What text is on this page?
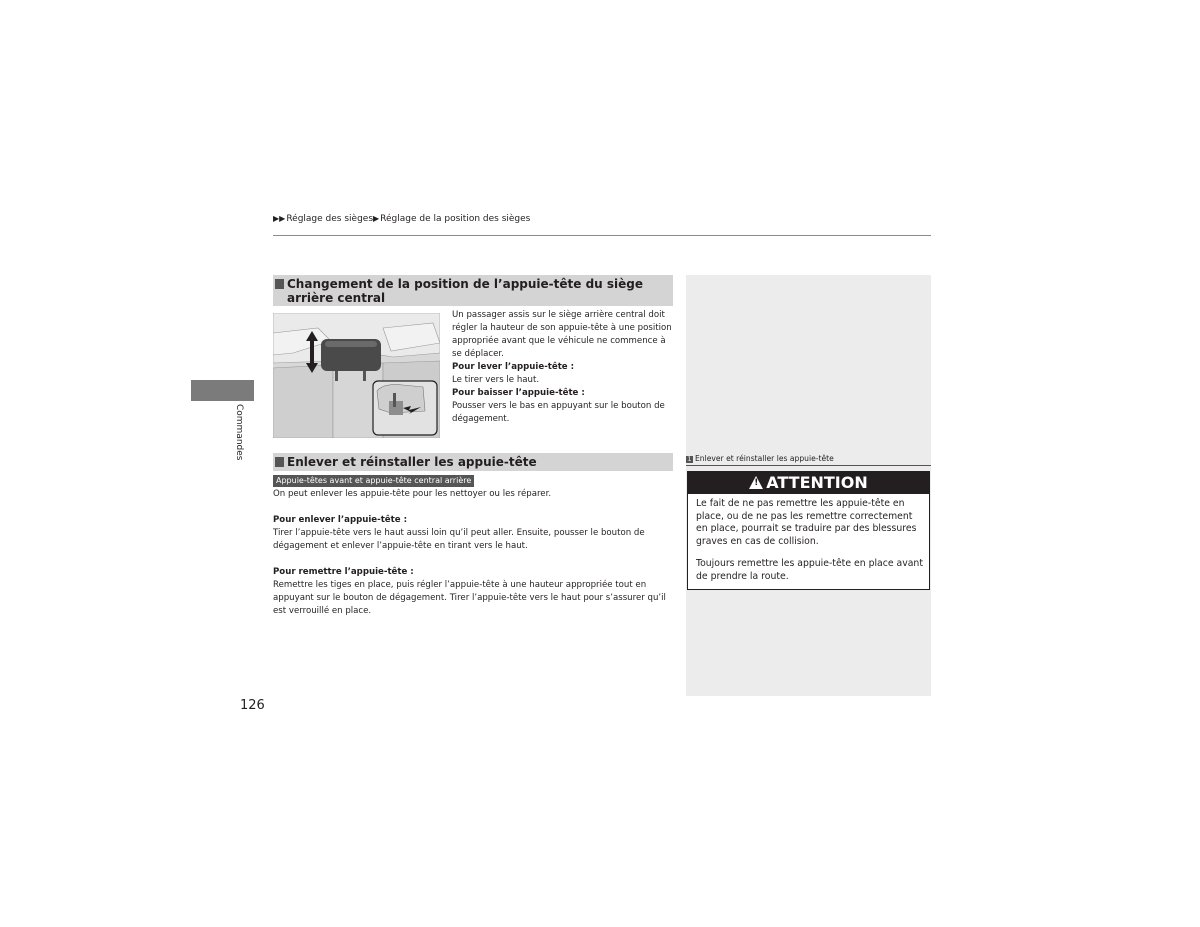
▶▶Réglage des sièges▶Réglage de la position des sièges
Commandes
126
Changement de la position de l’appuie-tête du siège arrière central
Un passager assis sur le siège arrière central doit régler la hauteur de son appuie-tête à une position appropriée avant que le véhicule ne commence à se déplacer.
Pour lever l’appuie-tête :
Le tirer vers le haut.
Pour baisser l’appuie-tête :
Pousser vers le bas en appuyant sur le bouton de dégagement.
Enlever et réinstaller les appuie-tête
Appuie-têtes avant et appuie-tête central arrière

On peut enlever les appuie-tête pour les nettoyer ou les réparer.

Pour enlever l’appuie-tête :

Tirer l’appuie-tête vers le haut aussi loin qu’il peut aller. Ensuite, pousser le bouton de dégagement et enlever l’appuie-tête en tirant vers le haut.

Pour remettre l’appuie-tête :

Remettre les tiges en place, puis régler l’appuie-tête à une hauteur appropriée tout en appuyant sur le bouton de dégagement. Tirer l’appuie-tête vers le haut pour s’assurer qu’il est verrouillé en place.

1 Enlever et réinstaller les appuie-tête
!ATTENTION

Le fait de ne pas remettre les appuie-tête en place, ou de ne pas les remettre correctement en place, pourrait se traduire par des blessures graves en cas de collision.

Toujours remettre les appuie-tête en place avant de prendre la route.
